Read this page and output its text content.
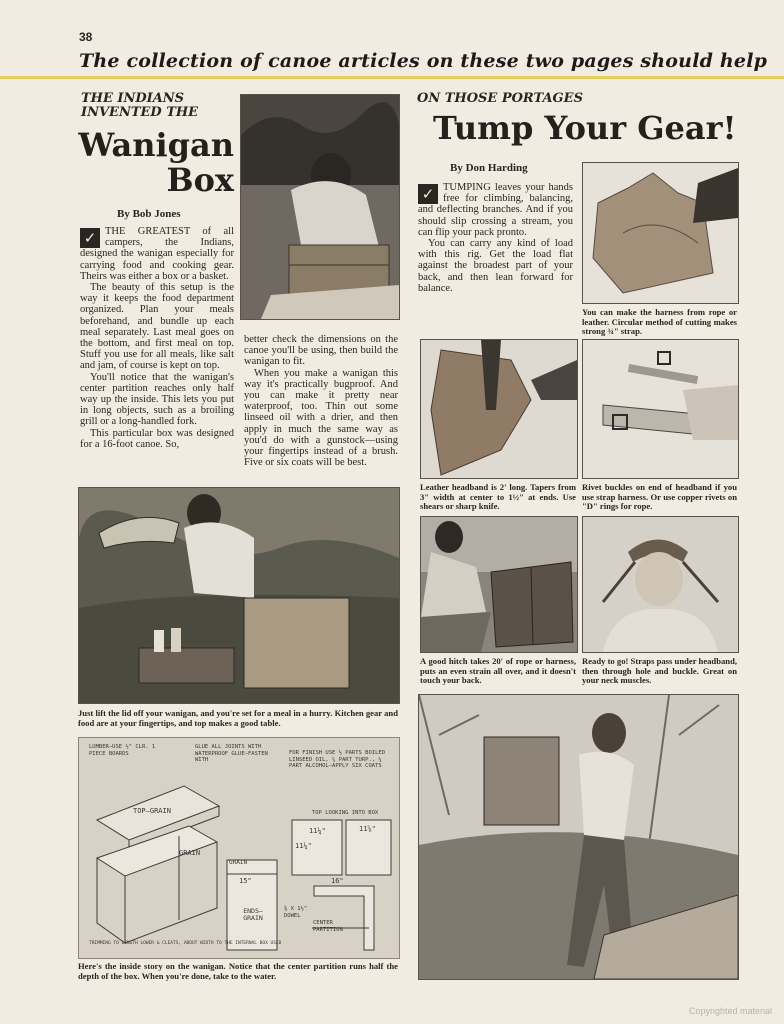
38
The collection of canoe articles on these two pages should help
THE INDIANS INVENTED THE
Wanigan
Box
By Bob Jones
✓ THE GREATEST of all campers, the Indians, designed the wanigan especially for carrying food and cooking gear. Theirs was either a box or a basket.

The beauty of this setup is the way it keeps the food department organized. Plan your meals beforehand, and bundle up each meal separately. Last meal goes on the bottom, and first meal on top. Stuff you use for all meals, like salt and jam, of course is kept on top.

You'll notice that the wanigan's center partition reaches only half way up the inside. This lets you put in long objects, such as a broiling grill or a long-handled fork.

This particular box was designed for a 16-foot canoe. So,

better check the dimensions on the canoe you'll be using, then build the wanigan to fit.

When you make a wanigan this way it's practically bugproof. And you can make it pretty near waterproof, too. Thin out some linseed oil with a drier, and then apply in much the same way as you'd do with a gunstock—using your fingertips instead of a brush. Five or six coats will be best.

Just lift the lid off your wanigan, and you're set for a meal in a hurry. Kitchen gear and food are at your fingertips, and top makes a good table.
LUMBER—USE ½" CLR. 1 PIECE BOARDS
GLUE ALL JOINTS WITH WATERPROOF GLUE—FASTEN WITH
FOR FINISH USE ½ PARTS BOILED LINSEED OIL, ¼ PART TURP., ¼ PART ALCOHOL—APPLY SIX COATS
TOP—GRAIN
GRAIN
GRAIN
ENDS—GRAIN
TOP LOOKING INTO BOX
⅜ X 1½" DOWEL
CENTER PARTITION
11¼"	11⅝"
11¼"
15"	16"
TRIMMING TO LENGTH LOWER & CLEATS, ABOUT WIDTH TO THE INTERNAL BOX USED
Here's the inside story on the wanigan. Notice that the center partition runs half the depth of the box. When you're done, take to the water.
ON THOSE PORTAGES
Tump Your Gear!
By Don Harding
✓ TUMPING leaves your hands free for climbing, balancing, and deflecting branches. And if you should slip crossing a stream, you can flip your pack pronto.

You can carry any kind of load with this rig. Get the load flat against the broadest part of your back, and then lean forward for balance.

You can make the harness from rope or leather. Circular method of cutting makes strong ¾" strap.
Leather headband is 2' long. Tapers from 3" width at center to 1½" at ends. Use shears or sharp knife.
Rivet buckles on end of headband if you use strap harness. Or use copper rivets on "D" rings for rope.
A good hitch takes 20' of rope or harness, puts an even strain all over, and it doesn't touch your back.
Ready to go! Straps pass under headband, then through hole and buckle. Great on your neck muscles.
Copyrighted material
